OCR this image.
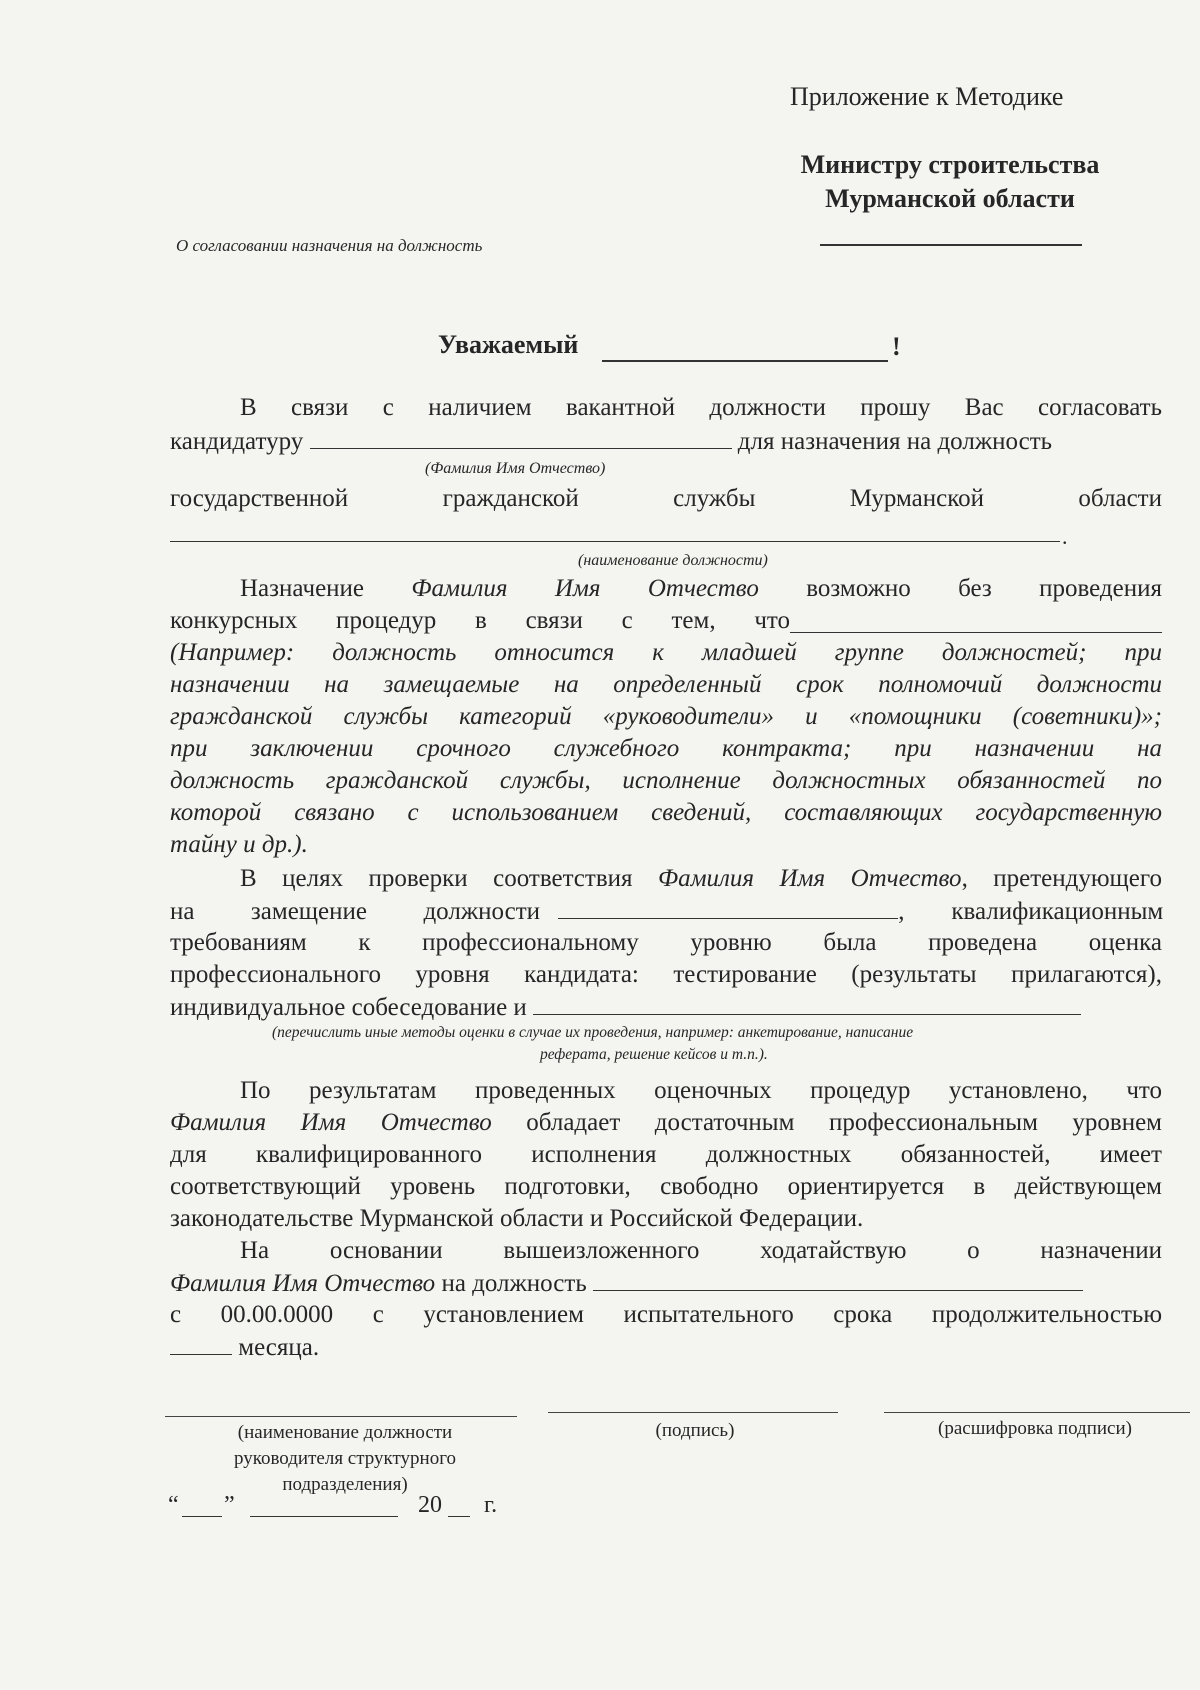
Приложение к Методике
Министру строительства
Мурманской области
О согласовании назначения на должность
Уважаемый	!
В связи с наличием вакантной должности прошу Вас согласовать
кандидатуру	для назначения на должность
(Фамилия Имя Отчество)
государственной гражданской службы Мурманской области
.
(наименование должности)
Назначение Фамилия Имя Отчество возможно без проведения
конкурсных процедур в связи с тем, что
(Например: должность относится к младшей группе должностей; при
назначении на замещаемые на определенный срок полномочий должности
гражданской службы категорий «руководители» и «помощники (советники)»;
при заключении срочного служебного контракта; при назначении на
должность гражданской службы, исполнение должностных обязанностей по
которой связано с использованием сведений, составляющих государственную
тайну и др.).
В целях проверки соответствия Фамилия Имя Отчество, претендующего
на замещение должности	, квалификационным
требованиям к профессиональному уровню была проведена оценка
профессионального уровня кандидата: тестирование (результаты прилагаются),
индивидуальное собеседование и
(перечислить иные методы оценки в случае их проведения, например: анкетирование, написание
реферата, решение кейсов и т.п.).
По результатам проведенных оценочных процедур установлено, что
Фамилия Имя Отчество обладает достаточным профессиональным уровнем
для квалифицированного исполнения должностных обязанностей, имеет
соответствующий уровень подготовки, свободно ориентируется в действующем
законодательстве Мурманской области и Российской Федерации.
На основании вышеизложенного ходатайствую о назначении
Фамилия Имя Отчество на должность
с 00.00.0000 с установлением испытательного срока продолжительностью
месяца.
(наименование должности
руководителя структурного
подразделения)
(подпись)	(расшифровка подписи)
“ ”	20 г.
